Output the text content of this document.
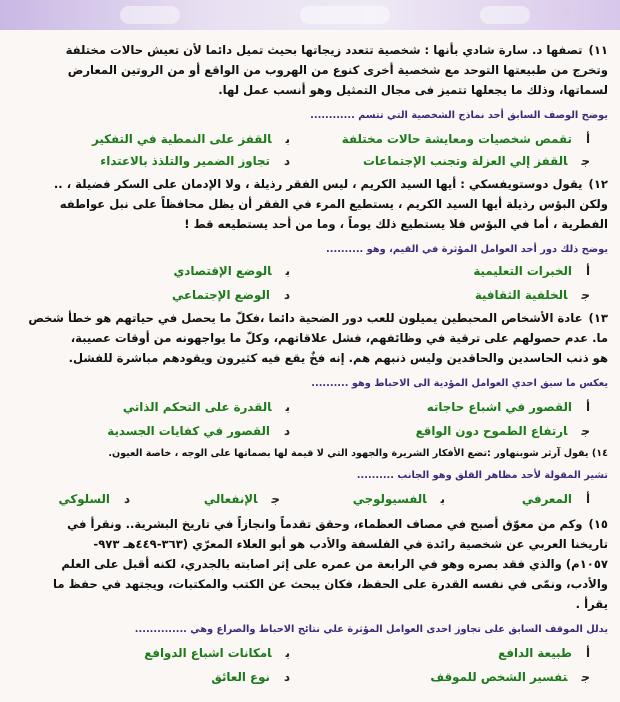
✚
١١)تصفها د. سارة شادي بأنها : شخصية تتعدد زيجاتها بحيث تميل دائما لأن تعيش حالات مختلفة
وتخرج من طبيعتها التوحد مع شخصية أخرى كنوع من الهروب من الواقع أو من الروتين المعارض
لسماتها، وذلك ما يجعلها تتميز فى مجال التمثيل وهو أنسب عمل لها.
يوضح الوصف السابق أحد نماذج الشخصية التي تتسم ............
أتقمص شخصيات ومعايشة حالات مختلفة
بالقفز على النمطية في التفكير
جالقفز إلي العزلة وتجنب الإجتماعات
دتجاوز الضمير والتلذذ بالاعتداء
١٢)يقول دوستويفسكي : أيها السيد الكريم ، ليس الفقر رذيلة ، ولا الإدمان على السكر فضيلة ، ..
ولكن البؤس رذيلة أيها السيد الكريم ، يستطيع المرء في الفقر أن يظل محافظاً على نبل عواطفه
الفطرية ، أما في البؤس فلا يستطيع ذلك يوماً ، وما من أحد يستطيعه قط !
يوضح ذلك دور أحد العوامل المؤثرة في القيم، وهو ..........
أالخبرات التعليمية
بالوضع الإقتصادي
جالخلفية الثقافية
دالوضع الإجتماعي
١٣)عادة الأشخاص المحبطين يميلون للعب دور الضحية دائما ،فكلّ ما يحصل في حياتهم هو خطأ شخص
ما. عدم حصولهم على ترقية في وظائفهم، فشل علاقاتهم، وكلّ ما يواجهونه من أوقات عصيبة،
هو ذنب الحاسدين والحاقدين وليس ذنبهم هم. إنه فخٌ يقع فيه كثيرون ويقودهم مباشرة للفشل.
يعكس ما سبق احدي العوامل المؤدية الى الاحباط وهو ..........
أالقصور في اشباع حاجاته
بالقدرة على التحكم الذاتي
جارتفاع الطموح دون الواقع
دالقصور في كفايات الجسدية
١٤) يقول آرثر شوبنهاور :تضع الأفكار الشريرة والجهود التي لا قيمة لها بصماتها على الوجه ، خاصة العيون.
تشير المقولة لأحد مظاهر القلق وهو الجانب ..........
أالمعرفي
بالفسيولوجي
جالإنفعالي
دالسلوكي
١٥)وكم من معوّق أصبح في مصاف العظماء، وحقق تقدماً وانجازاً في تاريخ البشرية.. ونقرأ في
تاريخنا العربي عن شخصية رائدة في الفلسفة والأدب هو أبو العلاء المعرّي (٣٦٣-٤٤٩هـ ٩٧٣-
١٠٥٧م) والذي فقد بصره وهو في الرابعة من عمره على إثر اصابته بالجدري، لكنه أقبل على العلم
والأدب، ونمّى في نفسه القدرة على الحفظ، فكان يبحث عن الكتب والمكتبات، ويجتهد في حفظ ما
يقرأ .
يدلل الموقف السابق على تجاوز احدى العوامل المؤثرة علي نتائج الاحباط والصراع وهي ..............
أطبيعة الدافع
بامكانات اشباع الدوافع
جتفسير الشخص للموقف
دنوع العائق
